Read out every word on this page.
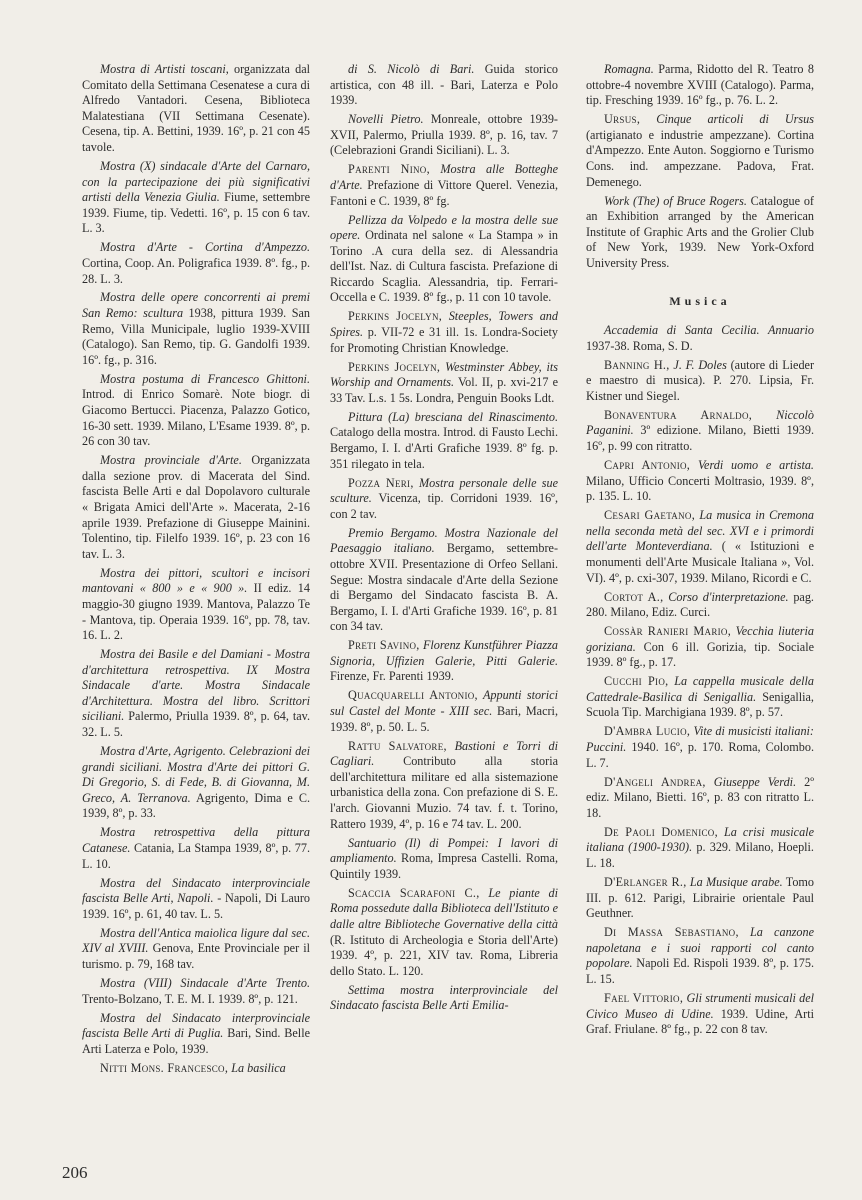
Mostra di Artisti toscani, organizzata dal Comitato della Settimana Cesenatese a cura di Alfredo Vantadori. Cesena, Biblioteca Malatestiana (VII Settimana Cesenate). Cesena, tip. A. Bettini, 1939. 16º, p. 21 con 45 tavole.

Mostra (X) sindacale d'Arte del Carnaro, con la partecipazione dei più significativi artisti della Venezia Giulia. Fiume, settembre 1939. Fiume, tip. Vedetti. 16º, p. 15 con 6 tav. L. 3.

Mostra d'Arte - Cortina d'Ampezzo. Cortina, Coop. An. Poligrafica 1939. 8º. fg., p. 28. L. 3.

Mostra delle opere concorrenti ai premi San Remo: scultura 1938, pittura 1939. San Remo, Villa Municipale, luglio 1939-XVIII (Catalogo). San Remo, tip. G. Gandolfi 1939. 16º. fg., p. 316.

Mostra postuma di Francesco Ghittoni. Introd. di Enrico Somarè. Note biogr. di Giacomo Bertucci. Piacenza, Palazzo Gotico, 16-30 sett. 1939. Milano, L'Esame 1939. 8º, p. 26 con 30 tav.

Mostra provinciale d'Arte. Organizzata dalla sezione prov. di Macerata del Sind. fascista Belle Arti e dal Dopolavoro culturale « Brigata Amici dell'Arte ». Macerata, 2-16 aprile 1939. Prefazione di Giuseppe Mainini. Tolentino, tip. Filelfo 1939. 16º, p. 23 con 16 tav. L. 3.

Mostra dei pittori, scultori e incisori mantovani « 800 » e « 900 ». II ediz. 14 maggio-30 giugno 1939. Mantova, Palazzo Te - Mantova, tip. Operaia 1939. 16º, pp. 78, tav. 16. L. 2.

Mostra dei Basile e del Damiani - Mostra d'architettura retrospettiva. IX Mostra Sindacale d'arte. Mostra Sindacale d'Architettura. Mostra del libro. Scrittori siciliani. Palermo, Priulla 1939. 8º, p. 64, tav. 32. L. 5.

Mostra d'Arte, Agrigento. Celebrazioni dei grandi siciliani. Mostra d'Arte dei pittori G. Di Gregorio, S. di Fede, B. di Giovanna, M. Greco, A. Terranova. Agrigento, Dima e C. 1939, 8º, p. 33.

Mostra retrospettiva della pittura Catanese. Catania, La Stampa 1939, 8º, p. 77. L. 10.

Mostra del Sindacato interprovinciale fascista Belle Arti, Napoli. - Napoli, Di Lauro 1939. 16º, p. 61, 40 tav. L. 5.

Mostra dell'Antica maiolica ligure dal sec. XIV al XVIII. Genova, Ente Provinciale per il turismo. p. 79, 168 tav.

Mostra (VIII) Sindacale d'Arte Trento. Trento-Bolzano, T. E. M. I. 1939. 8º, p. 121.

Mostra del Sindacato interprovinciale fascista Belle Arti di Puglia. Bari, Sind. Belle Arti Laterza e Polo, 1939.

Nitti Mons. Francesco, La basilica

di S. Nicolò di Bari. Guida storico artistica, con 48 ill. - Bari, Laterza e Polo 1939.

Novelli Pietro. Monreale, ottobre 1939-XVII, Palermo, Priulla 1939. 8º, p. 16, tav. 7 (Celebrazioni Grandi Siciliani). L. 3.

Parenti Nino, Mostra alle Botteghe d'Arte. Prefazione di Vittore Querel. Venezia, Fantoni e C. 1939, 8º fg.

Pellizza da Volpedo e la mostra delle sue opere. Ordinata nel salone « La Stampa » in Torino .A cura della sez. di Alessandria dell'Ist. Naz. di Cultura fascista. Prefazione di Riccardo Scaglia. Alessandria, tip. Ferrari-Occella e C. 1939. 8º fg., p. 11 con 10 tavole.

Perkins Jocelyn, Steeples, Towers and Spires. p. VII-72 e 31 ill. 1s. Londra-Society for Promoting Christian Knowledge.

Perkins Jocelyn, Westminster Abbey, its Worship and Ornaments. Vol. II, p. xvi-217 e 33 Tav. L.s. 1 5s. Londra, Penguin Books Ldt.

Pittura (La) bresciana del Rinascimento. Catalogo della mostra. Introd. di Fausto Lechi. Bergamo, I. I. d'Arti Grafiche 1939. 8º fg. p. 351 rilegato in tela.

Pozza Neri, Mostra personale delle sue sculture. Vicenza, tip. Corridoni 1939. 16º, con 2 tav.

Premio Bergamo. Mostra Nazionale del Paesaggio italiano. Bergamo, settembre-ottobre XVII. Presentazione di Orfeo Sellani. Segue: Mostra sindacale d'Arte della Sezione di Bergamo del Sindacato fascista B. A. Bergamo, I. I. d'Arti Grafiche 1939. 16º, p. 81 con 34 tav.

Preti Savino, Florenz Kunstführer Piazza Signoria, Uffizien Galerie, Pitti Galerie. Firenze, Fr. Parenti 1939.

Quacquarelli Antonio, Appunti storici sul Castel del Monte - XIII sec. Bari, Macri, 1939. 8º, p. 50. L. 5.

Rattu Salvatore, Bastioni e Torri di Cagliari. Contributo alla storia dell'architettura militare ed alla sistemazione urbanistica della zona. Con prefazione di S. E. l'arch. Giovanni Muzio. 74 tav. f. t. Torino, Rattero 1939, 4º, p. 16 e 74 tav. L. 200.

Santuario (Il) di Pompei: I lavori di ampliamento. Roma, Impresa Castelli. Roma, Quintily 1939.

Scaccia Scarafoni C., Le piante di Roma possedute dalla Biblioteca dell'Istituto e dalle altre Biblioteche Governative della città (R. Istituto di Archeologia e Storia dell'Arte) 1939. 4º, p. 221, XIV tav. Roma, Libreria dello Stato. L. 120.

Settima mostra interprovinciale del Sindacato fascista Belle Arti Emilia-

Romagna. Parma, Ridotto del R. Teatro 8 ottobre-4 novembre XVIII (Catalogo). Parma, tip. Fresching 1939. 16º fg., p. 76. L. 2.

Ursus, Cinque articoli di Ursus (artigianato e industrie ampezzane). Cortina d'Ampezzo. Ente Auton. Soggiorno e Turismo Cons. ind. ampezzane. Padova, Frat. Demenego.

Work (The) of Bruce Rogers. Catalogue of an Exhibition arranged by the American Institute of Graphic Arts and the Grolier Club of New York, 1939. New York-Oxford University Press.

Musica

Accademia di Santa Cecilia. Annuario 1937-38. Roma, S. D.

Banning H., J. F. Doles (autore di Lieder e maestro di musica). P. 270. Lipsia, Fr. Kistner und Siegel.

Bonaventura Arnaldo, Niccolò Paganini. 3º edizione. Milano, Bietti 1939. 16º, p. 99 con ritratto.

Capri Antonio, Verdi uomo e artista. Milano, Ufficio Concerti Moltrasio, 1939. 8º, p. 135. L. 10.

Cesari Gaetano, La musica in Cremona nella seconda metà del sec. XVI e i primordi dell'arte Monteverdiana. ( « Istituzioni e monumenti dell'Arte Musicale Italiana », Vol. VI). 4º, p. cxi-307, 1939. Milano, Ricordi e C.

Cortot A., Corso d'interpretazione. pag. 280. Milano, Ediz. Curci.

Cossàr Ranieri Mario, Vecchia liuteria goriziana. Con 6 ill. Gorizia, tip. Sociale 1939. 8º fg., p. 17.

Cucchi Pio, La cappella musicale della Cattedrale-Basilica di Senigallia. Senigallia, Scuola Tip. Marchigiana 1939. 8º, p. 57.

D'Ambra Lucio, Vite di musicisti italiani: Puccini. 1940. 16º, p. 170. Roma, Colombo. L. 7.

D'Angeli Andrea, Giuseppe Verdi. 2º ediz. Milano, Bietti. 16º, p. 83 con ritratto L. 18.

De Paoli Domenico, La crisi musicale italiana (1900-1930). p. 329. Milano, Hoepli. L. 18.

D'Erlanger R., La Musique arabe. Tomo III. p. 612. Parigi, Librairie orientale Paul Geuthner.

Di Massa Sebastiano, La canzone napoletana e i suoi rapporti col canto popolare. Napoli Ed. Rispoli 1939. 8º, p. 175. L. 15.

Fael Vittorio, Gli strumenti musicali del Civico Museo di Udine. 1939. Udine, Arti Graf. Friulane. 8º fg., p. 22 con 8 tav.

206
